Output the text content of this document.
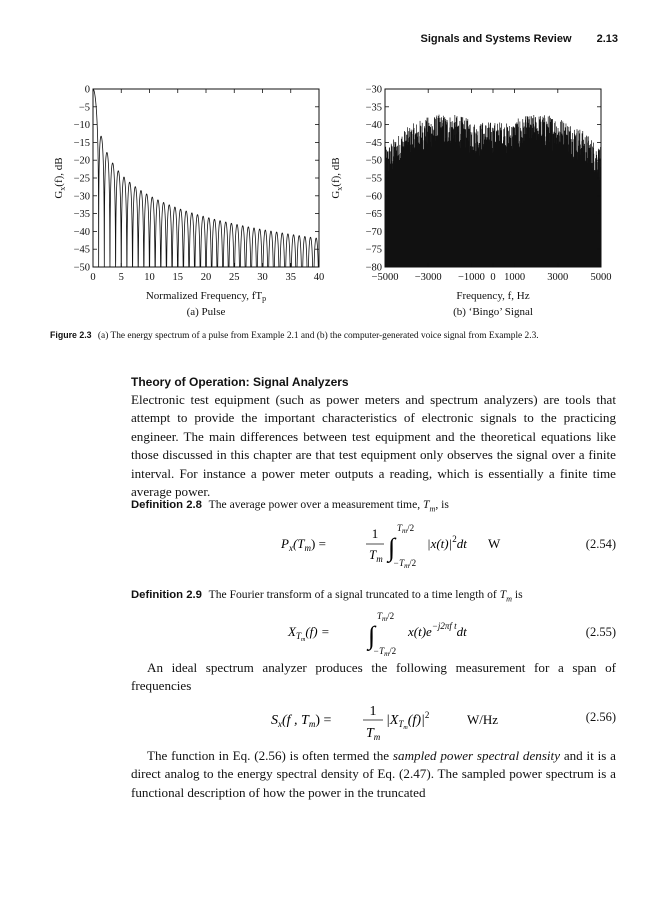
Signals and Systems Review 2.13
0 5 10 15 20 25 30 35 40
0
−5
−10
−15
−20
−25
−30
−35
−40
−45
−50
$G_x(f)$, dB
Normalized Frequency, fTp
(a) Pulse
−5000 −3000 −1000 0 1000 3000 5000
−30
−35
−40
−45
−50
−55
−60
−65
−70
−75
−80
$G_x(f)$, dB
Frequency, f, Hz
(b) ‘Bingo’ Signal
Figure 2.3 (a) The energy spectrum of a pulse from Example 2.1 and (b) the computer-generated voice signal from Example 2.3.
Theory of Operation: Signal Analyzers

Electronic test equipment (such as power meters and spectrum analyzers) are tools that attempt to provide the important characteristics of electronic signals to the practicing engineer. The main differences between test equipment and the theoretical equations like those discussed in this chapter are that test equipment only observes the signal over a finite interval. For instance a power meter outputs a reading, which is essentially a finite time average power.

Definition 2.8 The average power over a measurement time, $T_m$, is
$P_x(T_m)$ =
1
$T_m$ ∫
$T_m/2$
$-T_m/2$
$|x(t)|^2dt$ W	(2.54)
Definition 2.9 The Fourier transform of a signal truncated to a time length of $T_m$ is
$X_Tm(f)$ = ∫
$T_m/2$
$-T_m/2$
$x(t)e^{-j2\pi f t}dt$	(2.55)

An ideal spectrum analyzer produces the following measurement for a span of frequencies

$S_x(f$ , $T_m$) =
1
$T_m$
$|X_Tm(f)|^2$	W/Hz	(2.56)

The function in Eq. (2.56) is often termed the sampled power spectral density and it is a direct analog to the energy spectral density of Eq. (2.47). The sampled power spectrum is a functional description of how the power in the truncated
